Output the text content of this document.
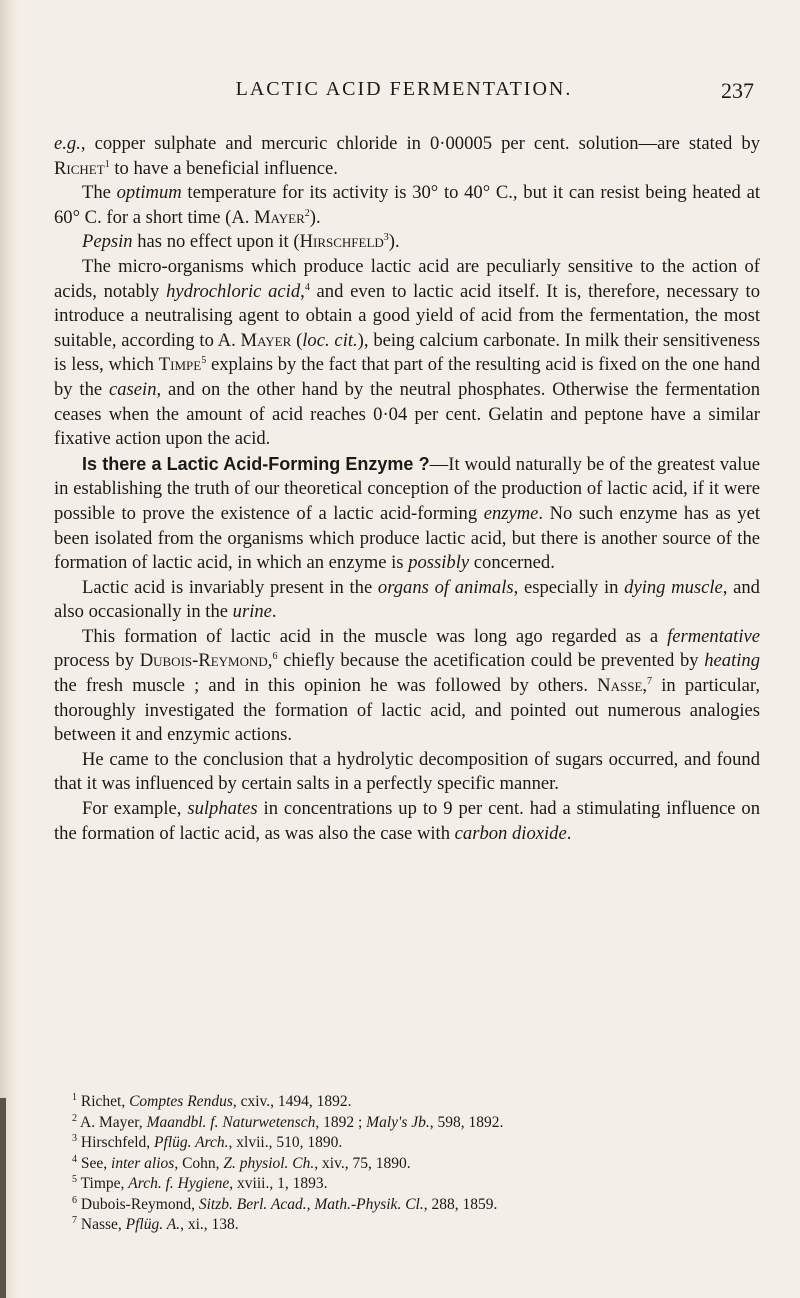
LACTIC ACID FERMENTATION.	237

e.g., copper sulphate and mercuric chloride in 0·00005 per cent. solution—are stated by Richet$^1$ to have a beneficial influence.

The optimum temperature for its activity is 30° to 40° C., but it can resist being heated at 60° C. for a short time (A. Mayer$^2$).

Pepsin has no effect upon it (Hirschfeld$^3$).

The micro-organisms which produce lactic acid are peculiarly sensitive to the action of acids, notably hydrochloric acid,$^4$ and even to lactic acid itself. It is, therefore, necessary to introduce a neutralising agent to obtain a good yield of acid from the fermentation, the most suitable, according to A. Mayer (loc. cit.), being calcium carbonate. In milk their sensitiveness is less, which Timpe$^5$ explains by the fact that part of the resulting acid is fixed on the one hand by the casein, and on the other hand by the neutral phosphates. Otherwise the fermentation ceases when the amount of acid reaches 0·04 per cent. Gelatin and peptone have a similar fixative action upon the acid.

Is there a Lactic Acid-Forming Enzyme ?—It would naturally be of the greatest value in establishing the truth of our theoretical conception of the production of lactic acid, if it were possible to prove the existence of a lactic acid-forming enzyme. No such enzyme has as yet been isolated from the organisms which produce lactic acid, but there is another source of the formation of lactic acid, in which an enzyme is possibly concerned.

Lactic acid is invariably present in the organs of animals, especially in dying muscle, and also occasionally in the urine.

This formation of lactic acid in the muscle was long ago regarded as a fermentative process by Dubois-Reymond,$^6$ chiefly because the acetification could be prevented by heating the fresh muscle ; and in this opinion he was followed by others. Nasse,$^7$ in particular, thoroughly investigated the formation of lactic acid, and pointed out numerous analogies between it and enzymic actions.

He came to the conclusion that a hydrolytic decomposition of sugars occurred, and found that it was influenced by certain salts in a perfectly specific manner.

For example, sulphates in concentrations up to 9 per cent. had a stimulating influence on the formation of lactic acid, as was also the case with carbon dioxide.

$^1$ Richet, Comptes Rendus, cxiv., 1494, 1892.

$^2$ A. Mayer, Maandbl. f. Naturwetensch, 1892 ; Maly's Jb., 598, 1892.

$^3$ Hirschfeld, Pflüg. Arch., xlvii., 510, 1890.

$^4$ See, inter alios, Cohn, Z. physiol. Ch., xiv., 75, 1890.

$^5$ Timpe, Arch. f. Hygiene, xviii., 1, 1893.

$^6$ Dubois-Reymond, Sitzb. Berl. Acad., Math.-Physik. Cl., 288, 1859.

$^7$ Nasse, Pflüg. A., xi., 138.
